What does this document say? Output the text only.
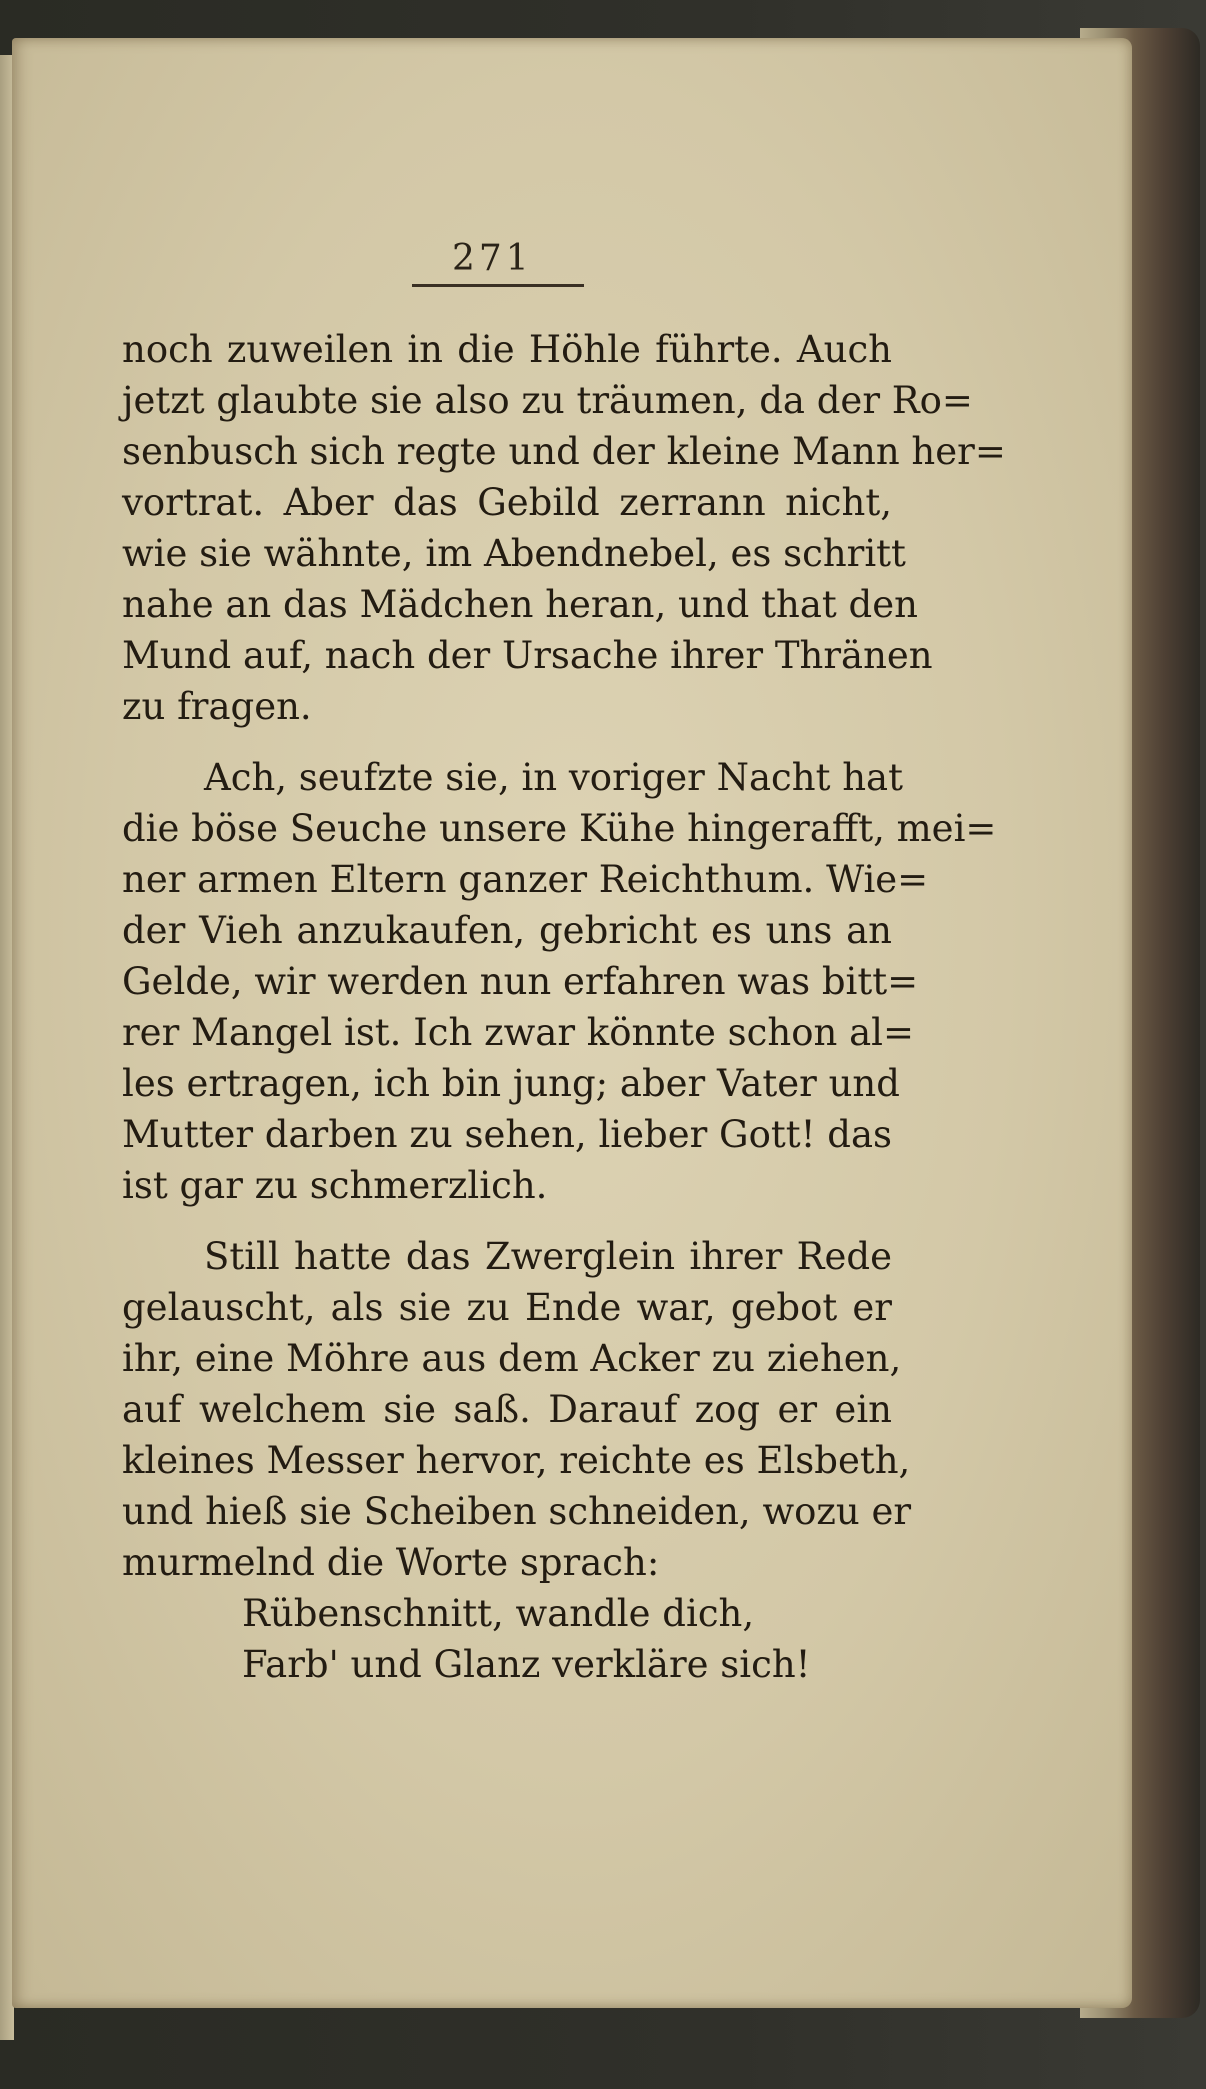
271
noch zuweilen in die Höhle führte. Auch
jetzt glaubte sie also zu träumen, da der Ro=
senbusch sich regte und der kleine Mann her=
vortrat. Aber das Gebild zerrann nicht,
wie sie wähnte, im Abendnebel, es schritt
nahe an das Mädchen heran, und that den
Mund auf, nach der Ursache ihrer Thränen
zu fragen.
Ach, seufzte sie, in voriger Nacht hat
die böse Seuche unsere Kühe hingerafft, mei=
ner armen Eltern ganzer Reichthum. Wie=
der Vieh anzukaufen, gebricht es uns an
Gelde, wir werden nun erfahren was bitt=
rer Mangel ist. Ich zwar könnte schon al=
les ertragen, ich bin jung; aber Vater und
Mutter darben zu sehen, lieber Gott! das
ist gar zu schmerzlich.
Still hatte das Zwerglein ihrer Rede
gelauscht, als sie zu Ende war, gebot er
ihr, eine Möhre aus dem Acker zu ziehen,
auf welchem sie saß. Darauf zog er ein
kleines Messer hervor, reichte es Elsbeth,
und hieß sie Scheiben schneiden, wozu er
murmelnd die Worte sprach:
Rübenschnitt, wandle dich,
Farb' und Glanz verkläre sich!
